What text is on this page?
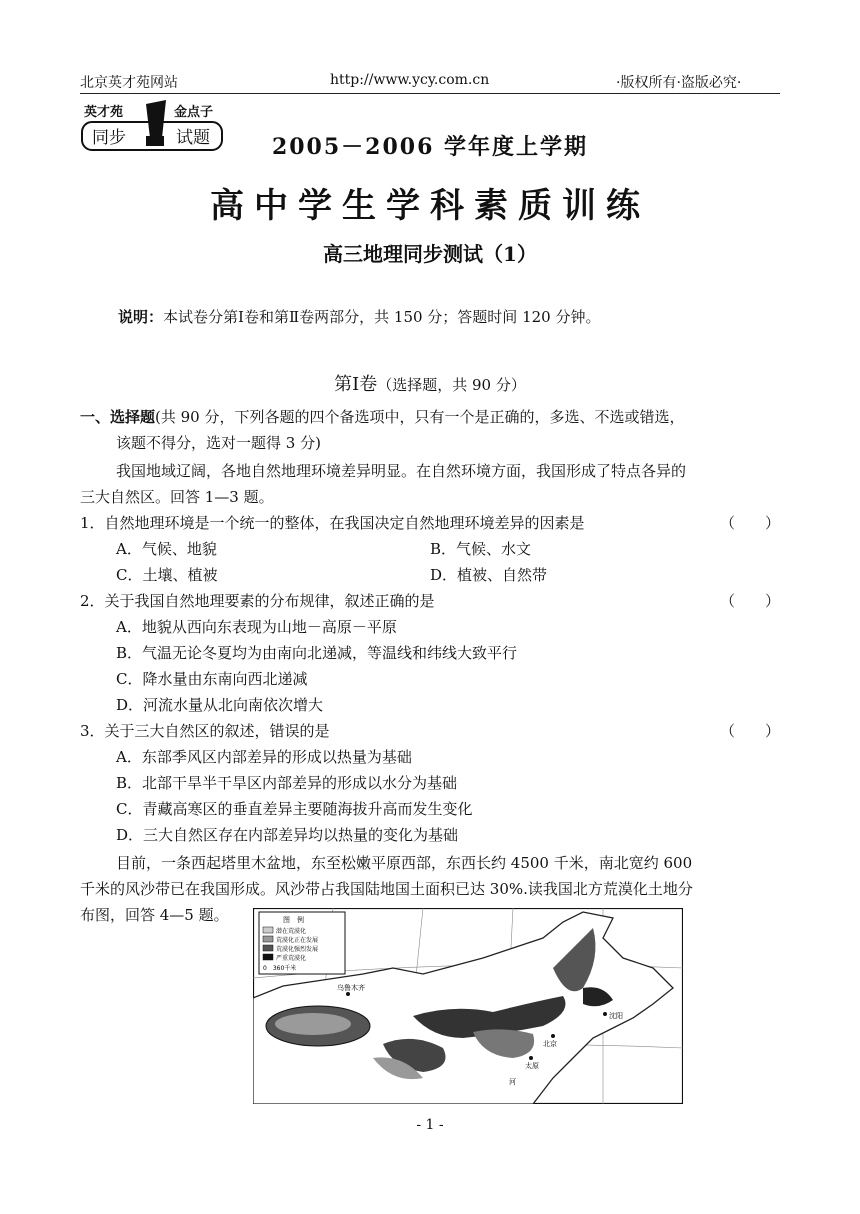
北京英才苑网站	http://www.ycy.com.cn	·版权所有·盗版必究·
英才苑	金点子
同步	试题	2005－2006 学年度上学期
高中学生学科素质训练
高三地理同步测试（1）
说明：本试卷分第Ⅰ卷和第Ⅱ卷两部分，共 150 分；答题时间 120 分钟。
第Ⅰ卷（选择题，共 90 分）
一、选择题(共 90 分，下列各题的四个备选项中，只有一个是正确的，多选、不选或错选，
该题不得分，选对一题得 3 分)
我国地域辽阔，各地自然地理环境差异明显。在自然环境方面，我国形成了特点各异的
三大自然区。回答 1—3 题。
1．自然地理环境是一个统一的整体，在我国决定自然地理环境差异的因素是	（　　）
A．气候、地貌	B．气候、水文
C．土壤、植被	D．植被、自然带
2．关于我国自然地理要素的分布规律，叙述正确的是	（　　）
A．地貌从西向东表现为山地－高原－平原
B．气温无论冬夏均为由南向北递减，等温线和纬线大致平行
C．降水量由东南向西北递减
D．河流水量从北向南依次增大
3．关于三大自然区的叙述，错误的是	（　　）
A．东部季风区内部差异的形成以热量为基础
B．北部干旱半干旱区内部差异的形成以水分为基础
C．青藏高寒区的垂直差异主要随海拔升高而发生变化
D．三大自然区存在内部差异均以热量的变化为基础
目前，一条西起塔里木盆地，东至松嫩平原西部，东西长约 4500 千米，南北宽约 600
千米的风沙带已在我国形成。风沙带占我国陆地国土面积已达 30%.读我国北方荒漠化土地分
布图，回答 4—5 题。	图　例
潜在荒漠化
荒漠化正在发展
荒漠化强烈发展
严重荒漠化
0　360千米
乌鲁木齐
北京
沈阳
太原
河
- 1 -
